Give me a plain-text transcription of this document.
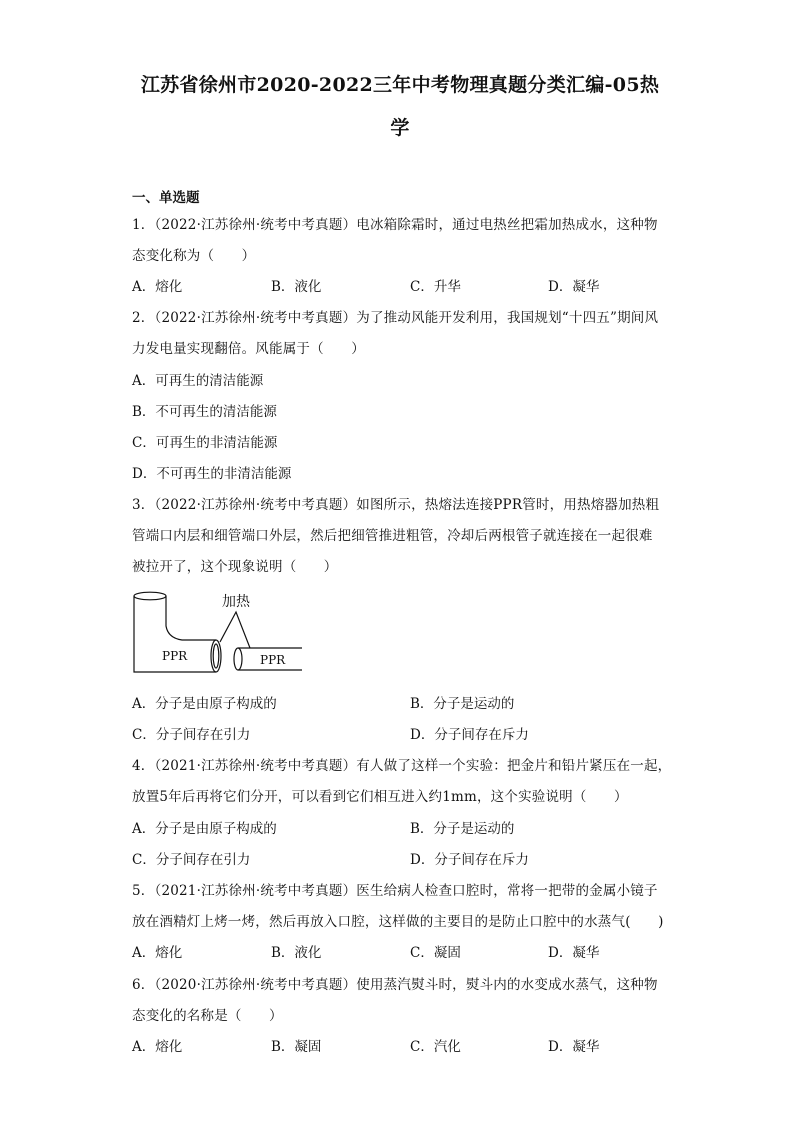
江苏省徐州市2020-2022三年中考物理真题分类汇编-05热
学
一、单选题
1．（2022·江苏徐州·统考中考真题）电冰箱除霜时，通过电热丝把霜加热成水，这种物
态变化称为（　　）
A．熔化	B．液化	C．升华	D．凝华
2．（2022·江苏徐州·统考中考真题）为了推动风能开发利用，我国规划“十四五”期间风
力发电量实现翻倍。风能属于（　　）
A．可再生的清洁能源
B．不可再生的清洁能源
C．可再生的非清洁能源
D．不可再生的非清洁能源
3．（2022·江苏徐州·统考中考真题）如图所示，热熔法连接PPR管时，用热熔器加热粗
管端口内层和细管端口外层，然后把细管推进粗管，冷却后两根管子就连接在一起很难
被拉开了，这个现象说明（　　）
加热
PPR	PPR
A．分子是由原子构成的	B．分子是运动的
C．分子间存在引力	D．分子间存在斥力
4．（2021·江苏徐州·统考中考真题）有人做了这样一个实验：把金片和铅片紧压在一起，
放置5年后再将它们分开，可以看到它们相互进入约1mm，这个实验说明（　　）
A．分子是由原子构成的	B．分子是运动的
C．分子间存在引力	D．分子间存在斥力
5．（2021·江苏徐州·统考中考真题）医生给病人检查口腔时，常将一把带的金属小镜子
放在酒精灯上烤一烤，然后再放入口腔，这样做的主要目的是防止口腔中的水蒸气(　　)
A．熔化	B．液化	C．凝固	D．凝华
6．（2020·江苏徐州·统考中考真题）使用蒸汽熨斗时，熨斗内的水变成水蒸气，这种物
态变化的名称是（　　）
A．熔化	B．凝固	C．汽化	D．凝华
